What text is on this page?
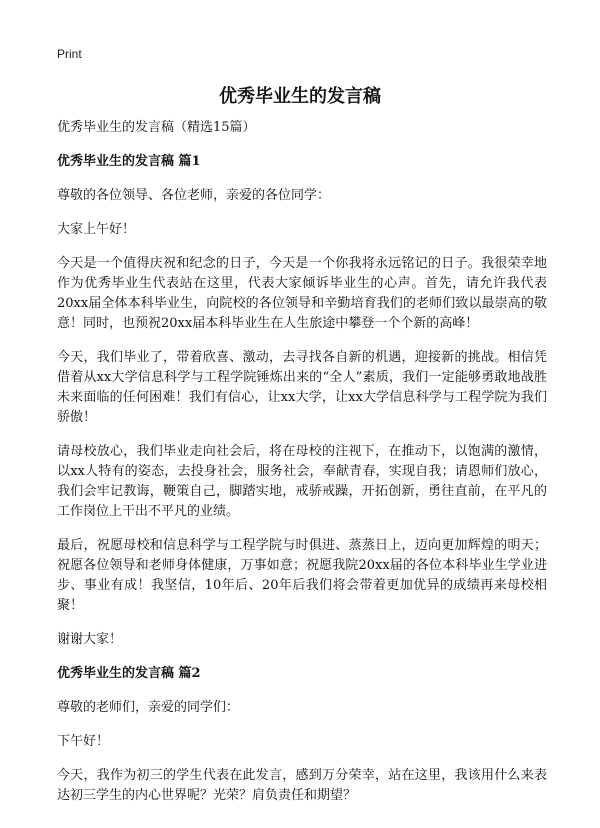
Print
优秀毕业生的发言稿

优秀毕业生的发言稿（精选15篇）

优秀毕业生的发言稿 篇1

尊敬的各位领导、各位老师，亲爱的各位同学：

大家上午好！

今天是一个值得庆祝和纪念的日子，今天是一个你我将永远铭记的日子。我很荣幸地作为优秀毕业生代表站在这里，代表大家倾诉毕业生的心声。首先，请允许我代表20xx届全体本科毕业生，向院校的各位领导和辛勤培育我们的老师们致以最崇高的敬意！同时，也预祝20xx届本科毕业生在人生旅途中攀登一个个新的高峰！

今天，我们毕业了，带着欣喜、激动，去寻找各自新的机遇，迎接新的挑战。相信凭借着从xx大学信息科学与工程学院锤炼出来的“全人”素质，我们一定能够勇敢地战胜未来面临的任何困难！我们有信心，让xx大学，让xx大学信息科学与工程学院为我们骄傲！

请母校放心，我们毕业走向社会后，将在母校的注视下，在推动下，以饱满的激情，以xx人特有的姿态，去投身社会，服务社会，奉献青春，实现自我；请恩师们放心，我们会牢记教诲，鞭策自己，脚踏实地，戒骄戒躁，开拓创新，勇往直前，在平凡的工作岗位上干出不平凡的业绩。

最后，祝愿母校和信息科学与工程学院与时俱进、蒸蒸日上，迈向更加辉煌的明天；祝愿各位领导和老师身体健康，万事如意；祝愿我院20xx届的各位本科毕业生学业进步、事业有成！我坚信，10年后、20年后我们将会带着更加优异的成绩再来母校相聚！

谢谢大家！

优秀毕业生的发言稿 篇2

尊敬的老师们，亲爱的同学们：

下午好！

今天，我作为初三的学生代表在此发言，感到万分荣幸，站在这里，我该用什么来表达初三学生的内心世界呢？光荣？肩负责任和期望？
